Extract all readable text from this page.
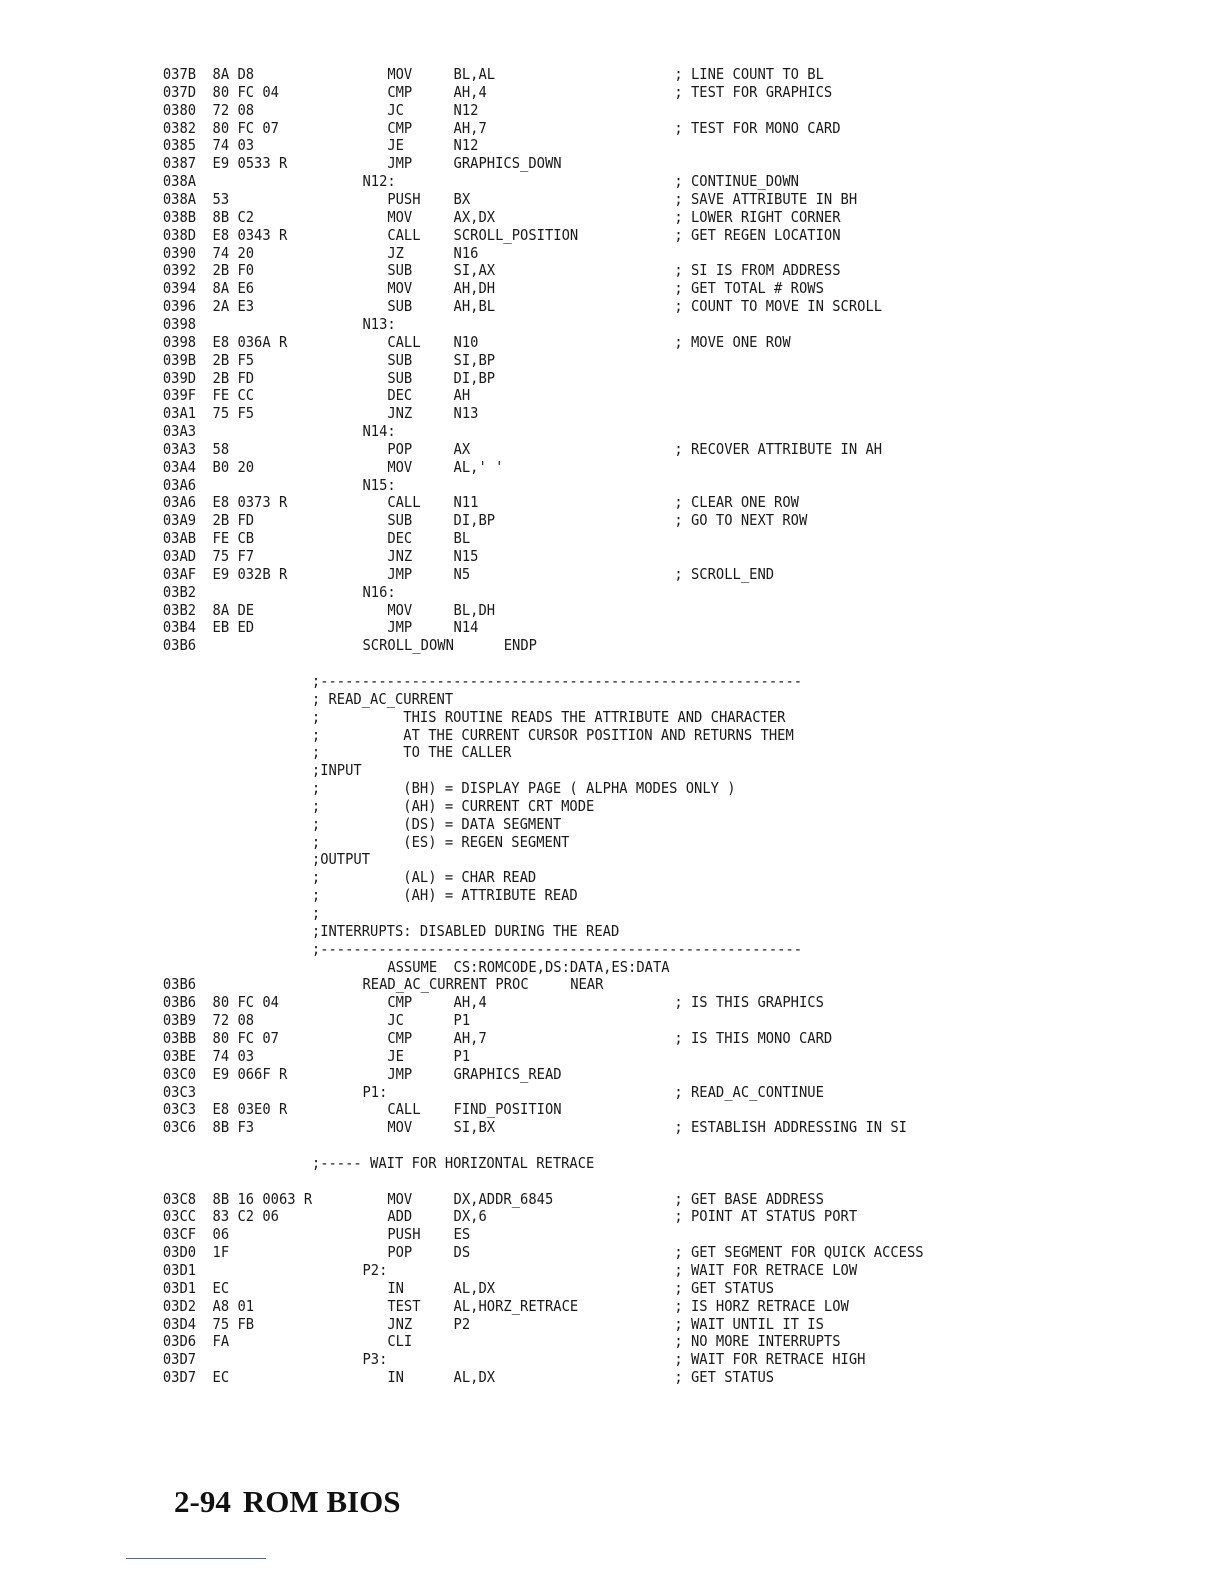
037B 8A D8	MOV	BL,AL	; LINE COUNT TO BL
037D 80 FC 04	CMP	AH,4	; TEST FOR GRAPHICS
0380 72 08	JC	N12
0382 80 FC 07	CMP	AH,7	; TEST FOR MONO CARD
0385 74 03	JE	N12
0387 E9 0533 R	JMP	GRAPHICS_DOWN
038A	N12:	; CONTINUE_DOWN
038A 53	PUSH BX	; SAVE ATTRIBUTE IN BH
038B 8B C2	MOV	AX,DX	; LOWER RIGHT CORNER
038D E8 0343 R	CALL SCROLL_POSITION	; GET REGEN LOCATION
0390 74 20	JZ	N16
0392 2B F0	SUB	SI,AX	; SI IS FROM ADDRESS
0394 8A E6	MOV	AH,DH	; GET TOTAL # ROWS
0396 2A E3	SUB	AH,BL	; COUNT TO MOVE IN SCROLL
0398	N13:
0398 E8 036A R	CALL N10	; MOVE ONE ROW
039B 2B F5	SUB	SI,BP
039D 2B FD	SUB	DI,BP
039F FE CC	DEC	AH
03A1 75 F5	JNZ	N13
03A3	N14:
03A3 58	POP	AX	; RECOVER ATTRIBUTE IN AH
03A4 B0 20	MOV	AL,' '
03A6	N15:
03A6 E8 0373 R	CALL N11	; CLEAR ONE ROW
03A9 2B FD	SUB	DI,BP	; GO TO NEXT ROW
03AB FE CB	DEC	BL
03AD 75 F7	JNZ	N15
03AF E9 032B R	JMP	N5	; SCROLL_END
03B2	N16:
03B2 8A DE	MOV	BL,DH
03B4 EB ED	JMP	N14
03B6	SCROLL_DOWN      ENDP
;----------------------------------------------------------
; READ_AC_CURRENT
;          THIS ROUTINE READS THE ATTRIBUTE AND CHARACTER
;          AT THE CURRENT CURSOR POSITION AND RETURNS THEM
;          TO THE CALLER
;INPUT
;          (BH) = DISPLAY PAGE ( ALPHA MODES ONLY )
;          (AH) = CURRENT CRT MODE
;          (DS) = DATA SEGMENT
;          (ES) = REGEN SEGMENT
;OUTPUT
;          (AL) = CHAR READ
;          (AH) = ATTRIBUTE READ
;
;INTERRUPTS: DISABLED DURING THE READ
;----------------------------------------------------------
ASSUME CS:ROMCODE,DS:DATA,ES:DATA
03B6	READ_AC_CURRENT PROC     NEAR
03B6 80 FC 04	CMP	AH,4	; IS THIS GRAPHICS
03B9 72 08	JC	P1
03BB 80 FC 07	CMP	AH,7	; IS THIS MONO CARD
03BE 74 03	JE	P1
03C0 E9 066F R	JMP	GRAPHICS_READ
03C3	P1:	; READ_AC_CONTINUE
03C3 E8 03E0 R	CALL FIND_POSITION
03C6 8B F3	MOV	SI,BX	; ESTABLISH ADDRESSING IN SI
;----- WAIT FOR HORIZONTAL RETRACE
03C8 8B 16 0063 R	MOV	DX,ADDR_6845	; GET BASE ADDRESS
03CC 83 C2 06	ADD	DX,6	; POINT AT STATUS PORT
03CF 06	PUSH ES
03D0 1F	POP	DS	; GET SEGMENT FOR QUICK ACCESS
03D1	P2:	; WAIT FOR RETRACE LOW
03D1 EC	IN	AL,DX	; GET STATUS
03D2 A8 01	TEST AL,HORZ_RETRACE	; IS HORZ RETRACE LOW
03D4 75 FB	JNZ	P2	; WAIT UNTIL IT IS
03D6 FA	CLI	; NO MORE INTERRUPTS
03D7	P3:	; WAIT FOR RETRACE HIGH
03D7 EC	IN	AL,DX	; GET STATUS
2-94 ROM BIOS
